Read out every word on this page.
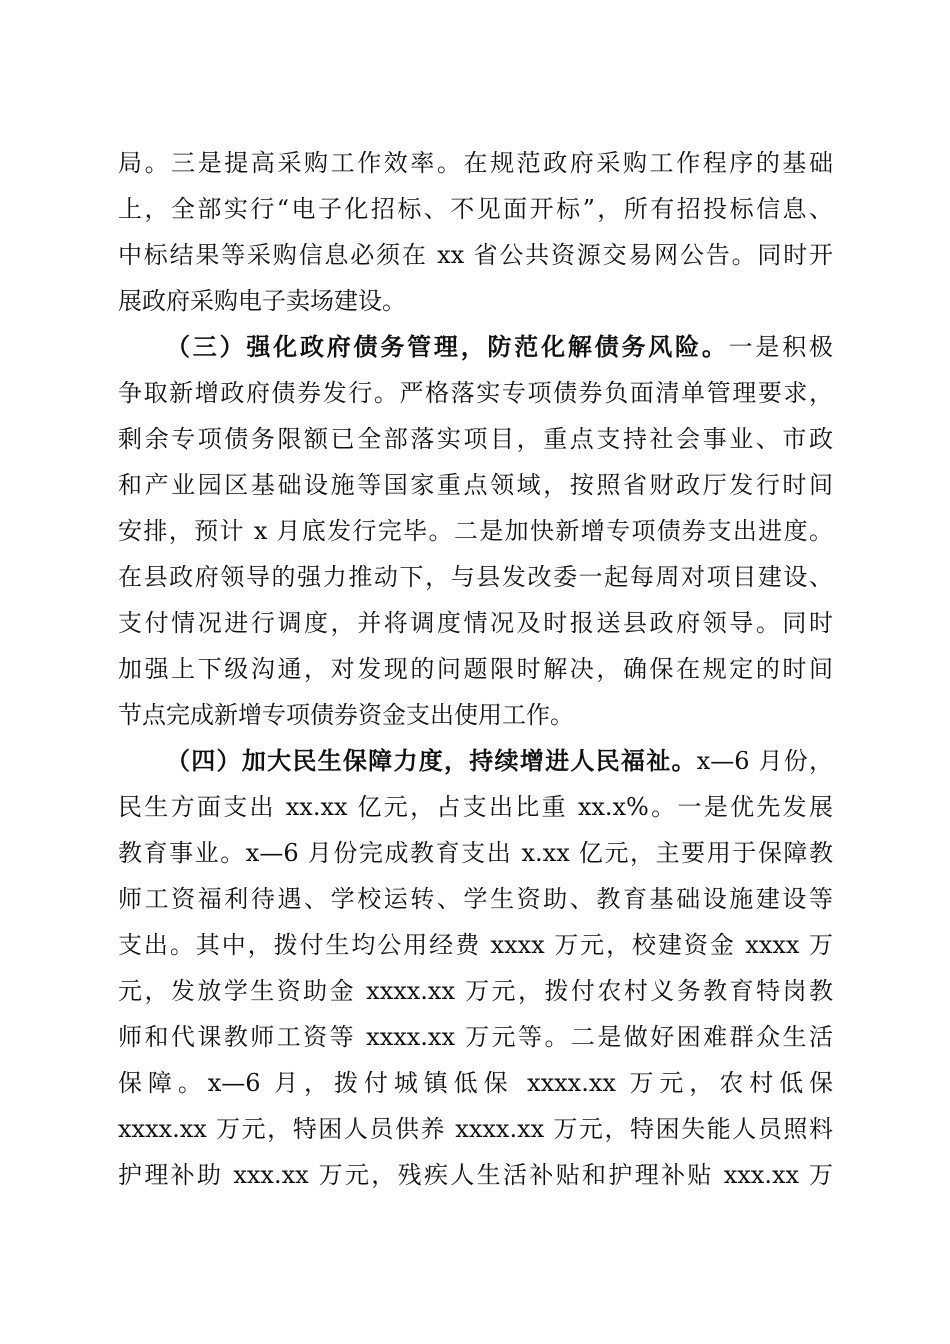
局。三是提高采购工作效率。在规范政府采购工作程序的基础
上，全部实行“电子化招标、不见面开标”，所有招投标信息、
中标结果等采购信息必须在 xx 省公共资源交易网公告。同时开
展政府采购电子卖场建设。
（三）强化政府债务管理，防范化解债务风险。一是积极
争取新增政府债券发行。严格落实专项债券负面清单管理要求，
剩余专项债务限额已全部落实项目，重点支持社会事业、市政
和产业园区基础设施等国家重点领域，按照省财政厅发行时间
安排，预计 x 月底发行完毕。二是加快新增专项债券支出进度。
在县政府领导的强力推动下，与县发改委一起每周对项目建设、
支付情况进行调度，并将调度情况及时报送县政府领导。同时
加强上下级沟通，对发现的问题限时解决，确保在规定的时间
节点完成新增专项债券资金支出使用工作。
（四）加大民生保障力度，持续增进人民福祉。x—6 月份，
民生方面支出 xx.xx 亿元，占支出比重 xx.x%。一是优先发展
教育事业。x—6 月份完成教育支出 x.xx 亿元，主要用于保障教
师工资福利待遇、学校运转、学生资助、教育基础设施建设等
支出。其中，拨付生均公用经费 xxxx 万元，校建资金 xxxx 万
元，发放学生资助金 xxxx.xx 万元，拨付农村义务教育特岗教
师和代课教师工资等 xxxx.xx 万元等。二是做好困难群众生活
保障。x—6 月，拨付城镇低保 xxxx.xx 万元，农村低保
xxxx.xx 万元，特困人员供养 xxxx.xx 万元，特困失能人员照料
护理补助 xxx.xx 万元，残疾人生活补贴和护理补贴 xxx.xx 万
